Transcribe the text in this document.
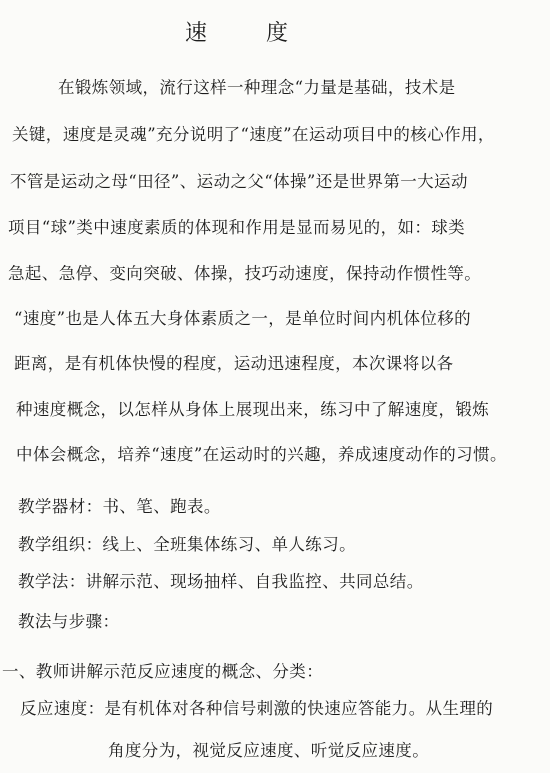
速 度
在锻炼领域，流行这样一种理念“力量是基础，技术是
关键，速度是灵魂”充分说明了“速度”在运动项目中的核心作用，
不管是运动之母“田径”、运动之父“体操”还是世界第一大运动
项目“球”类中速度素质的体现和作用是显而易见的，如：球类
急起、急停、变向突破、体操，技巧动速度，保持动作惯性等。
“速度”也是人体五大身体素质之一，是单位时间内机体位移的
距离，是有机体快慢的程度，运动迅速程度，本次课将以各
种速度概念，以怎样从身体上展现出来，练习中了解速度，锻炼
中体会概念，培养“速度”在运动时的兴趣，养成速度动作的习惯。
教学器材：书、笔、跑表。
教学组织：线上、全班集体练习、单人练习。
教学法：讲解示范、现场抽样、自我监控、共同总结。
教法与步骤：
一、教师讲解示范反应速度的概念、分类：
反应速度：是有机体对各种信号刺激的快速应答能力。从生理的
角度分为，视觉反应速度、听觉反应速度。
